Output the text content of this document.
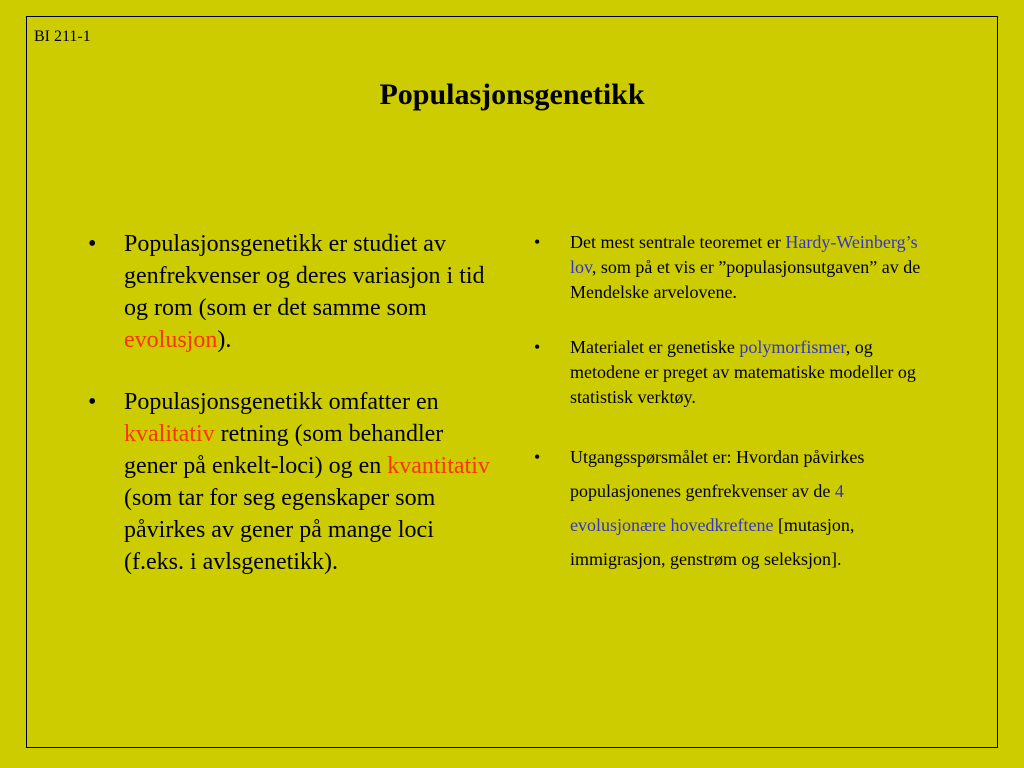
BI 211-1
Populasjonsgenetikk
• Populasjonsgenetikk er studiet av genfrekvenser og deres variasjon i tid og rom (som er det samme som evolusjon).
• Populasjonsgenetikk omfatter en kvalitativ retning (som behandler gener på enkelt-loci) og en kvantitativ (som tar for seg egenskaper som påvirkes av gener på mange loci (f.eks. i avlsgenetikk).
• Det mest sentrale teoremet er Hardy-Weinberg’s lov, som på et vis er ”populasjonsutgaven” av de Mendelske arvelovene.
• Materialet er genetiske polymorfismer, og metodene er preget av matematiske modeller og statistisk verktøy.
• Utgangsspørsmålet er: Hvordan påvirkes populasjonenes genfrekvenser av de 4 evolusjonære hovedkreftene [mutasjon, immigrasjon, genstrøm og seleksjon].
